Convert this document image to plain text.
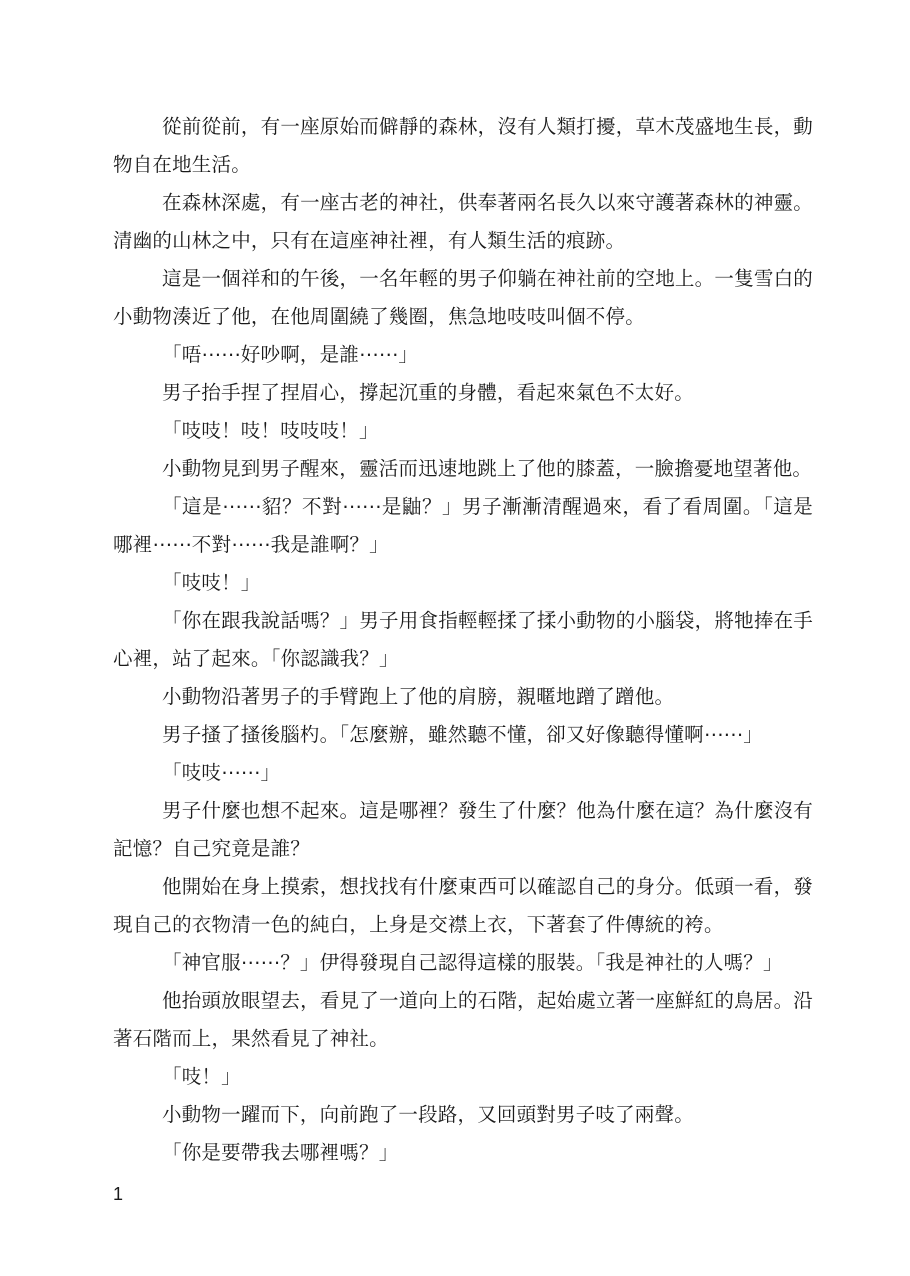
從前從前，有一座原始而僻靜的森林，沒有人類打擾，草木茂盛地生長，動物自在地生活。

在森林深處，有一座古老的神社，供奉著兩名長久以來守護著森林的神靈。清幽的山林之中，只有在這座神社裡，有人類生活的痕跡。

這是一個祥和的午後，一名年輕的男子仰躺在神社前的空地上。一隻雪白的小動物湊近了他，在他周圍繞了幾圈，焦急地吱吱叫個不停。

「唔⋯⋯好吵啊，是誰⋯⋯」

男子抬手捏了捏眉心，撐起沉重的身體，看起來氣色不太好。

「吱吱！吱！吱吱吱！」

小動物見到男子醒來，靈活而迅速地跳上了他的膝蓋，一臉擔憂地望著他。

「這是⋯⋯貂？不對⋯⋯是鼬？」男子漸漸清醒過來，看了看周圍。「這是哪裡⋯⋯不對⋯⋯我是誰啊？」

「吱吱！」

「你在跟我說話嗎？」男子用食指輕輕揉了揉小動物的小腦袋，將牠捧在手心裡，站了起來。「你認識我？」

小動物沿著男子的手臂跑上了他的肩膀，親暱地蹭了蹭他。

男子搔了搔後腦杓。「怎麼辦，雖然聽不懂，卻又好像聽得懂啊⋯⋯」

「吱吱⋯⋯」

男子什麼也想不起來。這是哪裡？發生了什麼？他為什麼在這？為什麼沒有記憶？自己究竟是誰？

他開始在身上摸索，想找找有什麼東西可以確認自己的身分。低頭一看，發現自己的衣物清一色的純白，上身是交襟上衣，下著套了件傳統的袴。

「神官服⋯⋯？」伊得發現自己認得這樣的服裝。「我是神社的人嗎？」

他抬頭放眼望去，看見了一道向上的石階，起始處立著一座鮮紅的鳥居。沿著石階而上，果然看見了神社。

「吱！」

小動物一躍而下，向前跑了一段路，又回頭對男子吱了兩聲。

「你是要帶我去哪裡嗎？」

1
